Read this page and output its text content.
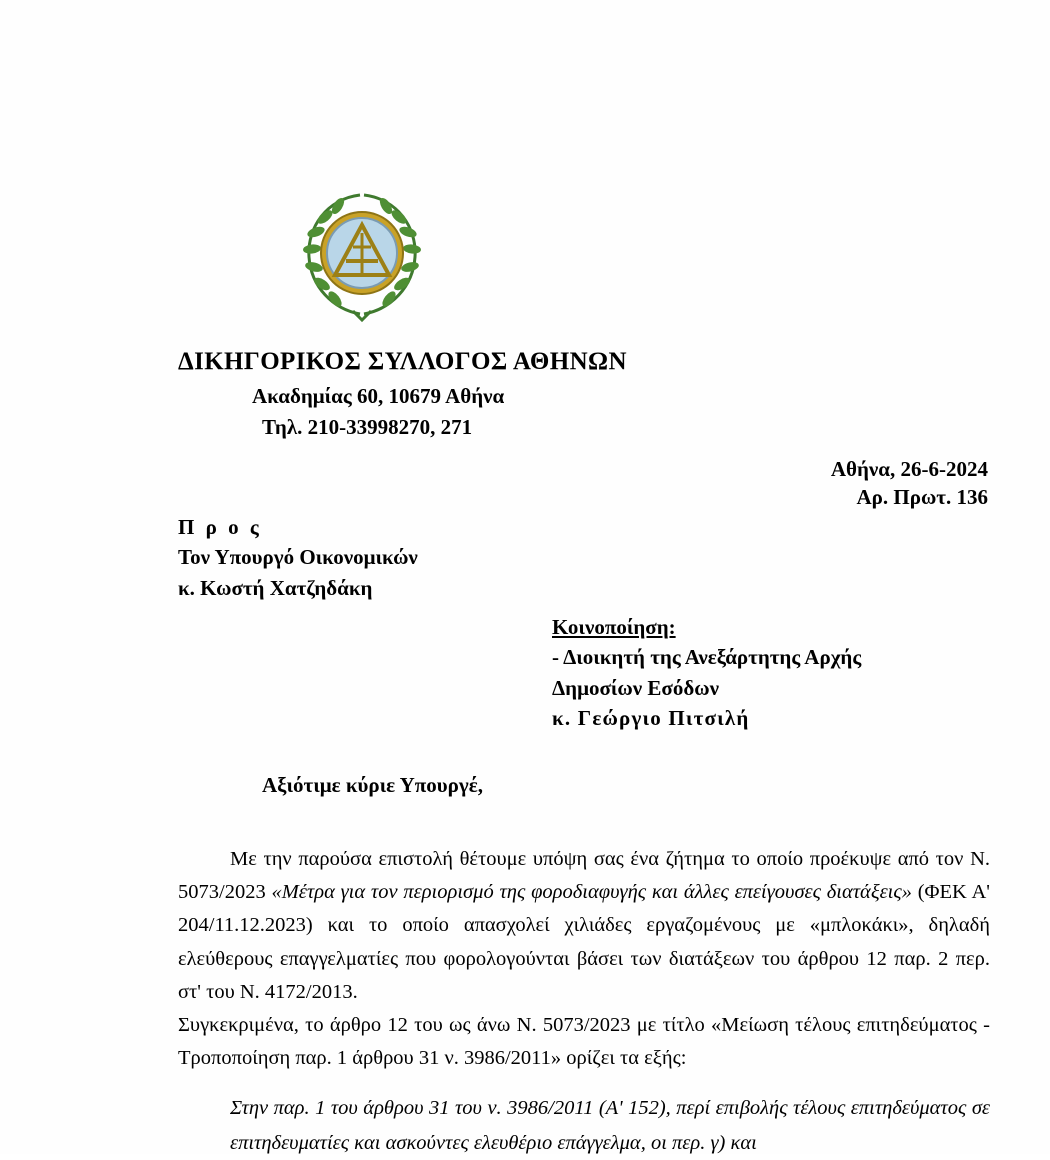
ΔΙΚΗΓΟΡΙΚΟΣ ΣΥΛΛΟΓΟΣ ΑΘΗΝΩΝ
Ακαδημίας 60, 10679 Αθήνα
Τηλ. 210-33998270, 271
Αθήνα, 26-6-2024
Αρ. Πρωτ. 136
Π ρ ο ς
Τον Υπουργό Οικονομικών
κ. Κωστή Χατζηδάκη
Κοινοποίηση:
- Διοικητή της Ανεξάρτητης Αρχής
Δημοσίων Εσόδων
κ. Γεώργιο Πιτσιλή
Αξιότιμε κύριε Υπουργέ,

Με την παρούσα επιστολή θέτουμε υπόψη σας ένα ζήτημα το οποίο προέκυψε από τον Ν. 5073/2023 «Μέτρα για τον περιορισμό της φοροδιαφυγής και άλλες επείγουσες διατάξεις» (ΦΕΚ Α' 204/11.12.2023) και το οποίο απασχολεί χιλιάδες εργαζομένους με «μπλοκάκι», δηλαδή ελεύθερους επαγγελματίες που φορολογούνται βάσει των διατάξεων του άρθρου 12 παρ. 2 περ. στ' του Ν. 4172/2013.

Συγκεκριμένα, το άρθρο 12 του ως άνω Ν. 5073/2023 με τίτλο «Μείωση τέλους επιτηδεύματος - Τροποποίηση παρ. 1 άρθρου 31 ν. 3986/2011» ορίζει τα εξής:

Στην παρ. 1 του άρθρου 31 του ν. 3986/2011 (Α' 152), περί επιβολής τέλους επιτηδεύματος σε επιτηδευματίες και ασκούντες ελευθέριο επάγγελμα, οι περ. γ) και
